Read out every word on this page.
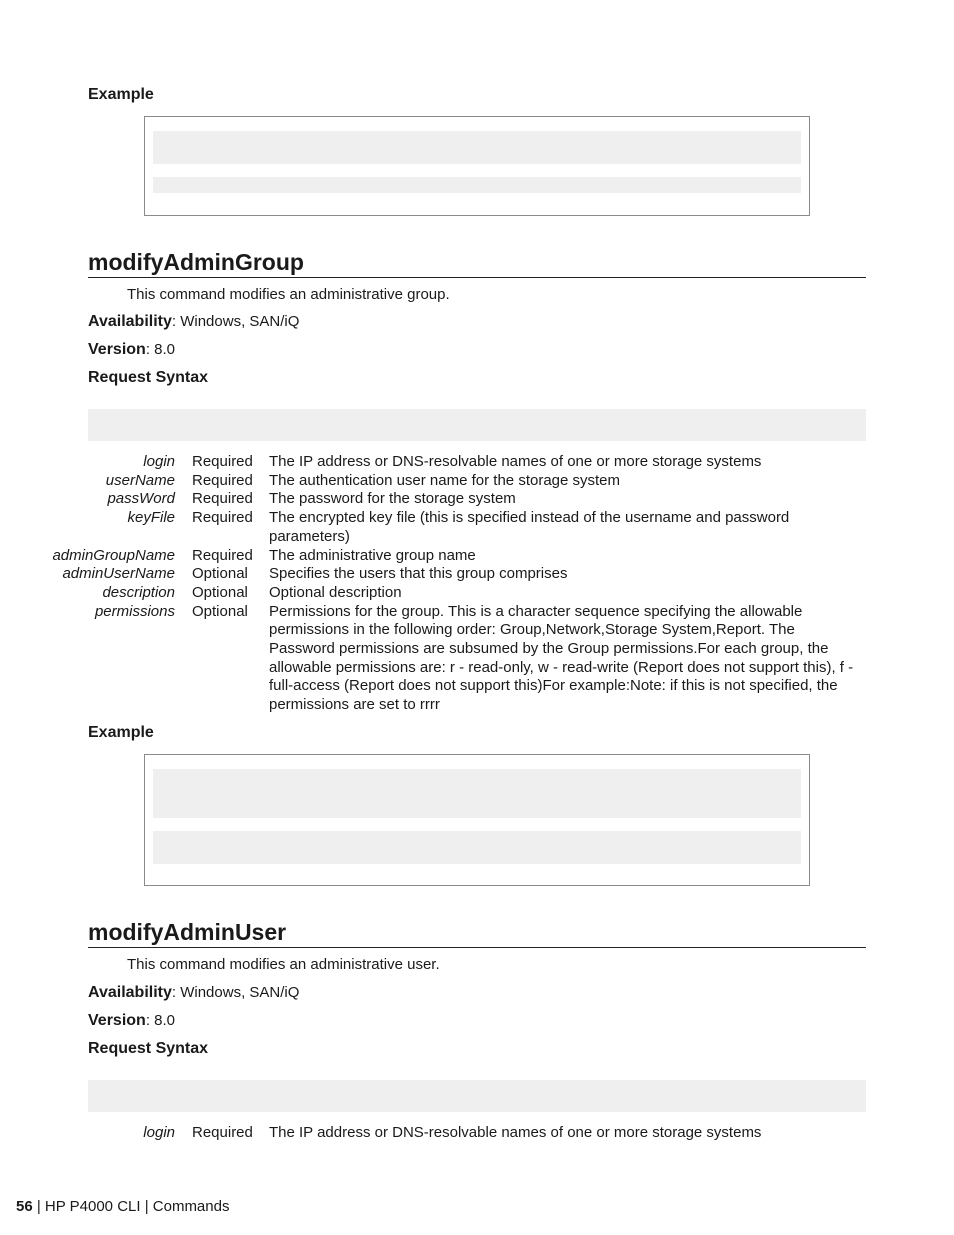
Example
modifyAdminGroup
This command modifies an administrative group.
Availability: Windows, SAN/iQ
Version: 8.0
Request Syntax
login Required The IP address or DNS-resolvable names of one or more storage systems
userName Required The authentication user name for the storage system
passWord Required The password for the storage system
keyFile Required The encrypted key file (this is specified instead of the username and password parameters)
adminGroupName Required The administrative group name
adminUserName Optional Specifies the users that this group comprises
description Optional Optional description
permissions Optional Permissions for the group. This is a character sequence specifying the allowable permissions in the following order: Group,Network,Storage System,Report. The Password permissions are subsumed by the Group permissions.For each group, the allowable permissions are: r - read-only, w - read-write (Report does not support this), f - full-access (Report does not support this)For example:Note: if this is not specified, the permissions are set to rrrr
Example
modifyAdminUser
This command modifies an administrative user.
Availability: Windows, SAN/iQ
Version: 8.0
Request Syntax
login Required The IP address or DNS-resolvable names of one or more storage systems
56 | HP P4000 CLI | Commands
